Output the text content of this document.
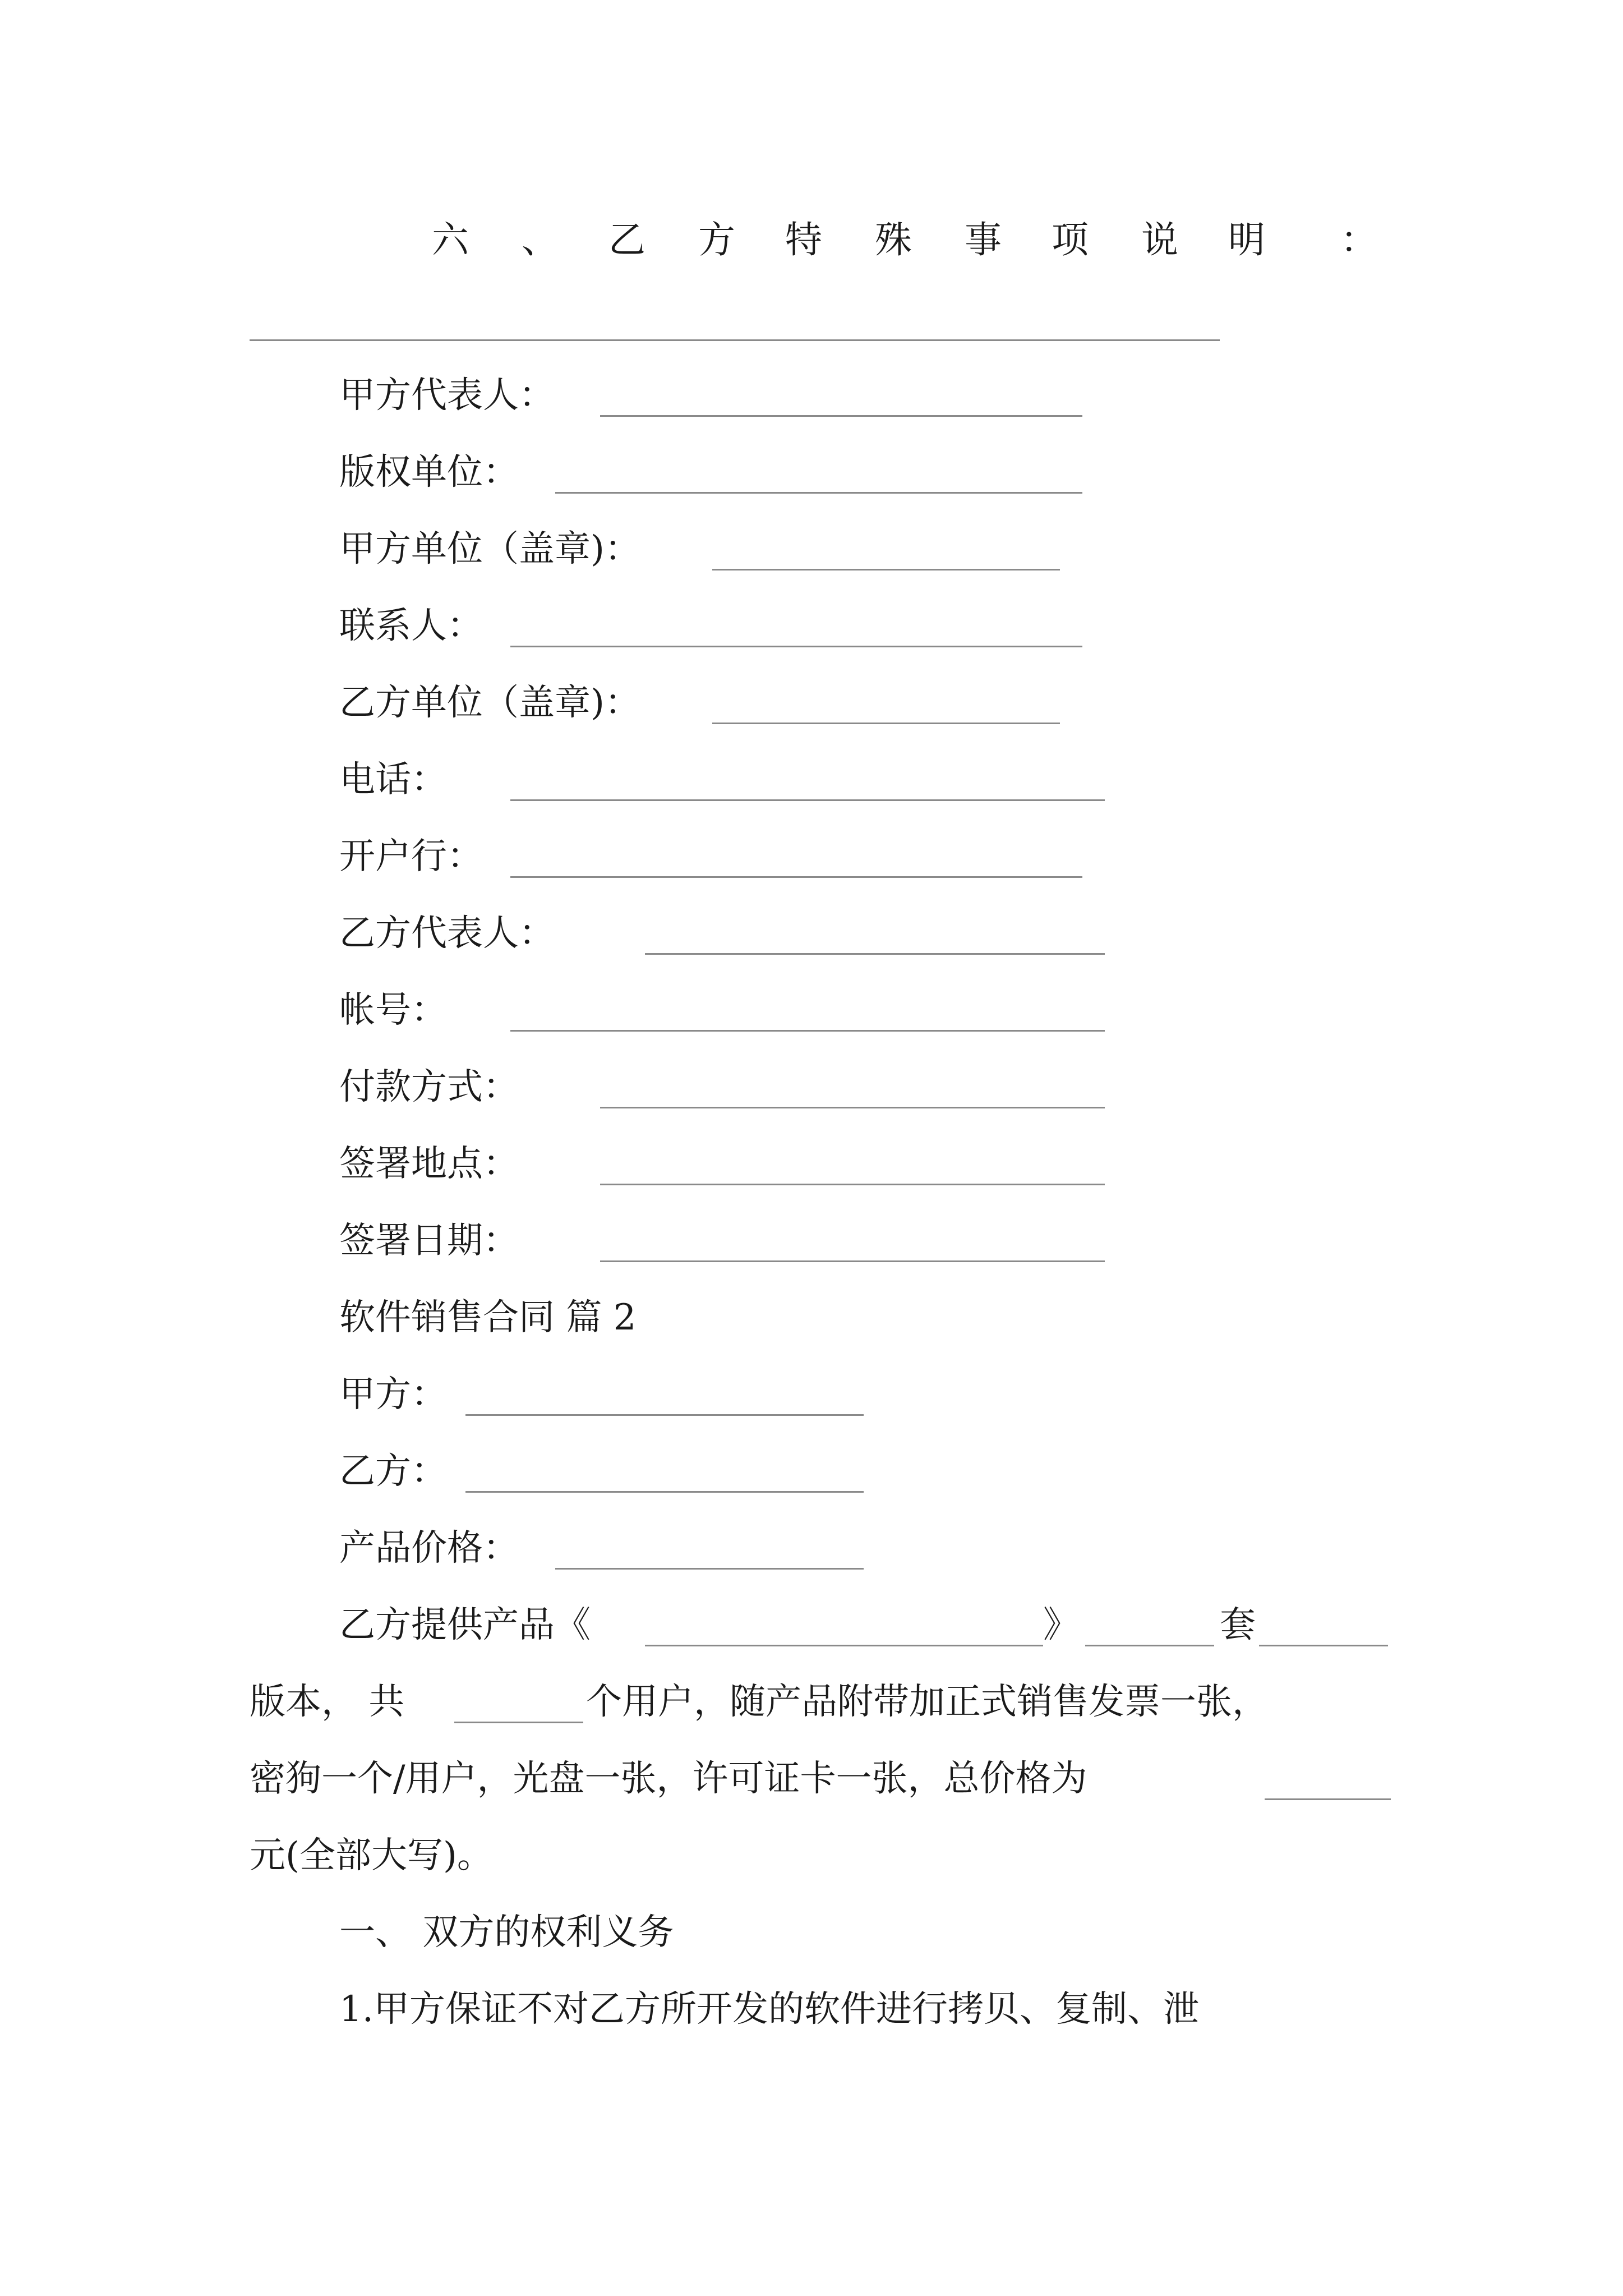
六 、 乙 方 特 殊 事 项 说 明 ：
甲方代表人：
版权单位：
甲方单位（盖章)：
联系人：
乙方单位（盖章)：
电话：
开户行：
乙方代表人：
帐号：
付款方式：
签署地点：
签署日期：
软件销售合同 篇 2
甲方：
乙方：
产品价格：
乙方提供产品《	》	套
版本， 共	个用户，随产品附带加正式销售发票一张，
密狗一个/用户，光盘一张，许可证卡一张，总价格为
元(全部大写)。
一、 双方的权利义务
1.甲方保证不对乙方所开发的软件进行拷贝、复制、泄
